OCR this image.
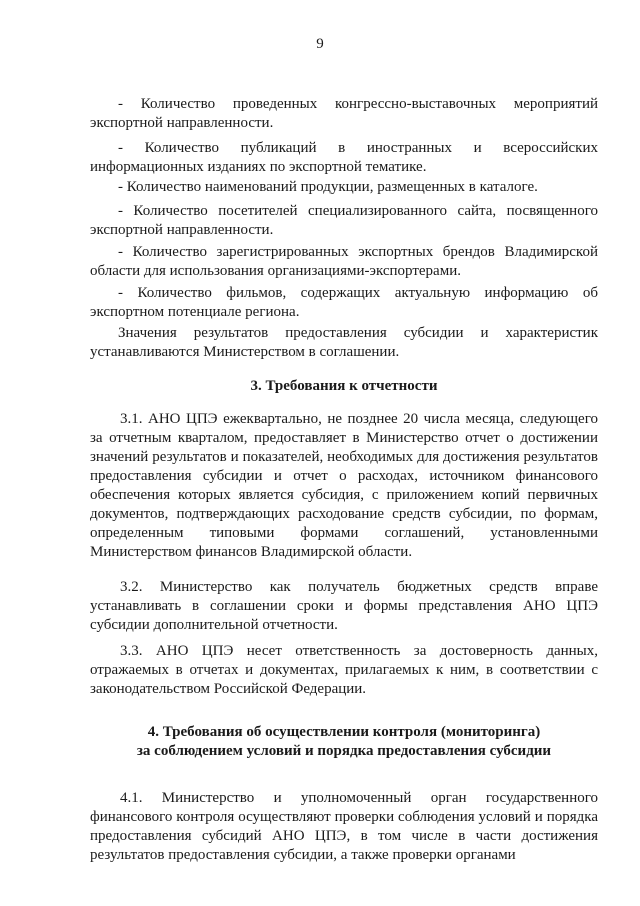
9
- Количество проведенных конгрессно-выставочных мероприятий экспортной направленности.
- Количество публикаций в иностранных и всероссийских информационных изданиях по экспортной тематике.
- Количество наименований продукции, размещенных в каталоге.
- Количество посетителей специализированного сайта, посвященного экспортной направленности.
- Количество зарегистрированных экспортных брендов Владимирской области для использования организациями-экспортерами.
- Количество фильмов, содержащих актуальную информацию об экспортном потенциале региона.
Значения результатов предоставления субсидии и характеристик устанавливаются Министерством в соглашении.
3. Требования к отчетности
3.1. АНО ЦПЭ ежеквартально, не позднее 20 числа месяца, следующего за отчетным кварталом, предоставляет в Министерство отчет о достижении значений результатов и показателей, необходимых для достижения результатов предоставления субсидии и отчет о расходах, источником финансового обеспечения которых является субсидия, с приложением копий первичных документов, подтверждающих расходование средств субсидии, по формам, определенным типовыми формами соглашений, установленными Министерством финансов Владимирской области.
3.2. Министерство как получатель бюджетных средств вправе устанавливать в соглашении сроки и формы представления АНО ЦПЭ субсидии дополнительной отчетности.
3.3. АНО ЦПЭ несет ответственность за достоверность данных, отражаемых в отчетах и документах, прилагаемых к ним, в соответствии с законодательством Российской Федерации.
4. Требования об осуществлении контроля (мониторинга)
за соблюдением условий и порядка предоставления субсидии
4.1. Министерство и уполномоченный орган государственного финансового контроля осуществляют проверки соблюдения условий и порядка предоставления субсидий АНО ЦПЭ, в том числе в части достижения результатов предоставления субсидии, а также проверки органами
